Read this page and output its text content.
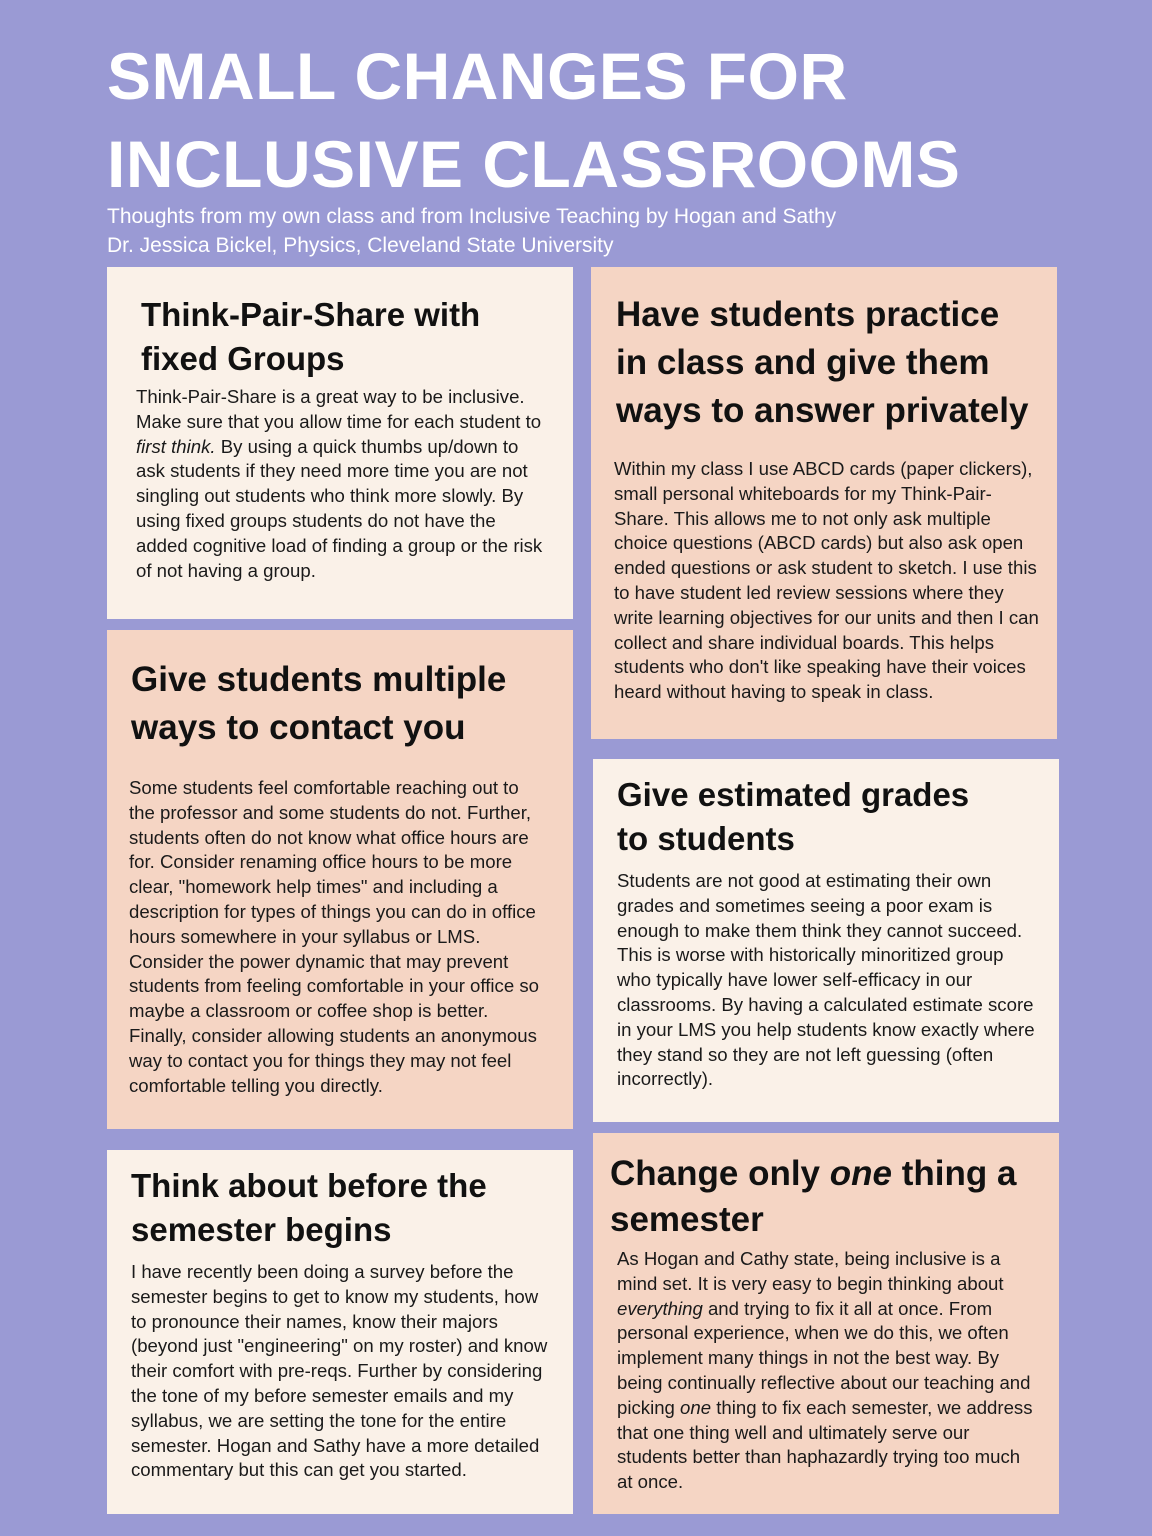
SMALL CHANGES FOR
INCLUSIVE CLASSROOMS
Thoughts from my own class and from Inclusive Teaching by Hogan and Sathy
Dr. Jessica Bickel, Physics, Cleveland State University
Think-Pair-Share with
fixed Groups

Think-Pair-Share is a great way to be inclusive. Make sure that you allow time for each student to first think. By using a quick thumbs up/down to ask students if they need more time you are not singling out students who think more slowly. By using fixed groups students do not have the added cognitive load of finding a group or the risk of not having a group.

Have students practice
in class and give them
ways to answer privately

Within my class I use ABCD cards (paper clickers), small personal whiteboards for my Think-Pair-Share. This allows me to not only ask multiple choice questions (ABCD cards) but also ask open ended questions or ask student to sketch. I use this to have student led review sessions where they write learning objectives for our units and then I can collect and share individual boards. This helps students who don't like speaking have their voices heard without having to speak in class.

Give students multiple
ways to contact you

Some students feel comfortable reaching out to the professor and some students do not. Further, students often do not know what office hours are for. Consider renaming office hours to be more clear, "homework help times" and including a description for types of things you can do in office hours somewhere in your syllabus or LMS. Consider the power dynamic that may prevent students from feeling comfortable in your office so maybe a classroom or coffee shop is better. Finally, consider allowing students an anonymous way to contact you for things they may not feel comfortable telling you directly.

Give estimated grades
to students

Students are not good at estimating their own grades and sometimes seeing a poor exam is enough to make them think they cannot succeed. This is worse with historically minoritized group who typically have lower self-efficacy in our classrooms. By having a calculated estimate score in your LMS you help students know exactly where they stand so they are not left guessing (often incorrectly).

Think about before the
semester begins

I have recently been doing a survey before the semester begins to get to know my students, how to pronounce their names, know their majors (beyond just "engineering" on my roster) and know their comfort with pre-reqs. Further by considering the tone of my before semester emails and my syllabus, we are setting the tone for the entire semester. Hogan and Sathy have a more detailed commentary but this can get you started.

Change only one thing a
semester

As Hogan and Cathy state, being inclusive is a mind set. It is very easy to begin thinking about everything and trying to fix it all at once. From personal experience, when we do this, we often implement many things in not the best way. By being continually reflective about our teaching and picking one thing to fix each semester, we address that one thing well and ultimately serve our students better than haphazardly trying too much at once.
